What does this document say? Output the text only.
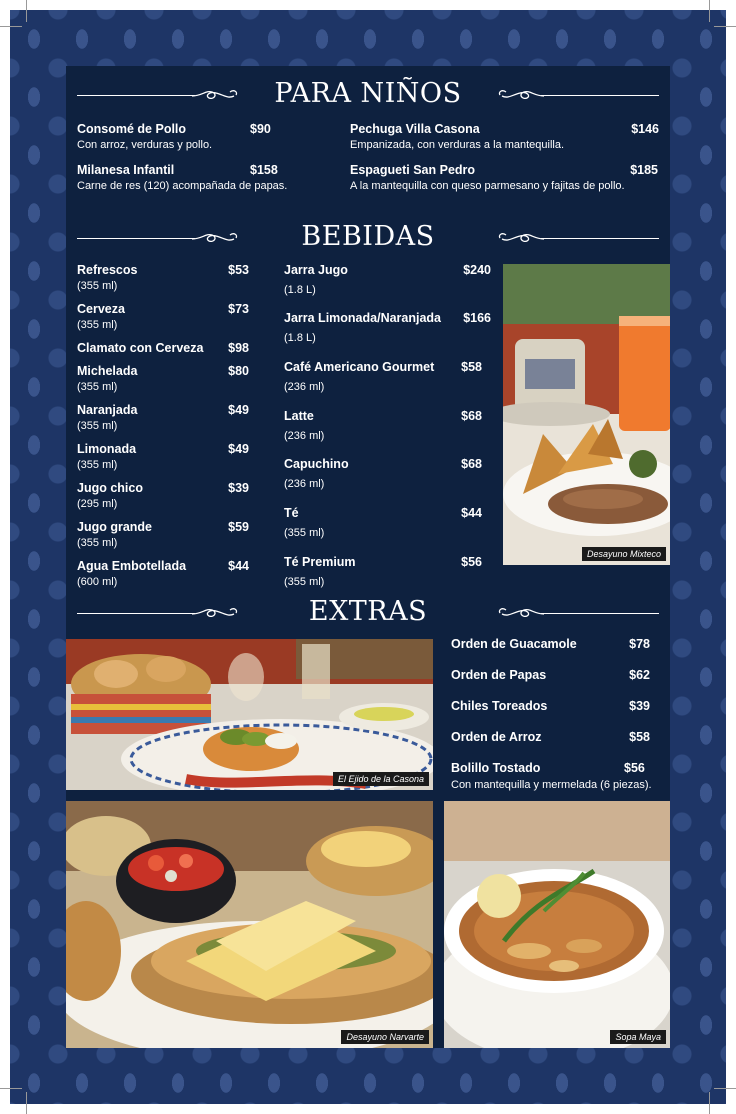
PARA NIÑOS
Consomé de Pollo	$90
Con arroz, verduras y pollo.
Milanesa Infantil	$158
Carne de res (120) acompañada de papas.
Pechuga Villa Casona	$146
Empanizada, con verduras a la mantequilla.
Espagueti San Pedro	$185
A la mantequilla con queso parmesano y fajitas de pollo.
BEBIDAS
Refrescos	$53
(355 ml)
Cerveza	$73
(355 ml)
Clamato con Cerveza $98
Michelada	$80
(355 ml)
Naranjada	$49
(355 ml)
Limonada	$49
(355 ml)
Jugo chico	$39
(295 ml)
Jugo grande	$59
(355 ml)
Agua Embotellada	$44
(600 ml)
Jarra Jugo	$240
(1.8 L)
Jarra Limonada/Naranjada $166
(1.8 L)
Café Americano Gourmet $58
(236 ml)
Latte	$68
(236 ml)
Capuchino	$68
(236 ml)
Té	$44
(355 ml)
Té Premium	$56
(355 ml)
Desayuno Mixteco
EXTRAS
El Ejido de la Casona
Orden de Guacamole	$78
Orden de Papas	$62
Chiles Toreados	$39
Orden de Arroz	$58
Bolillo Tostado	$56
Con mantequilla y mermelada (6 piezas).
Desayuno Narvarte	Sopa Maya
